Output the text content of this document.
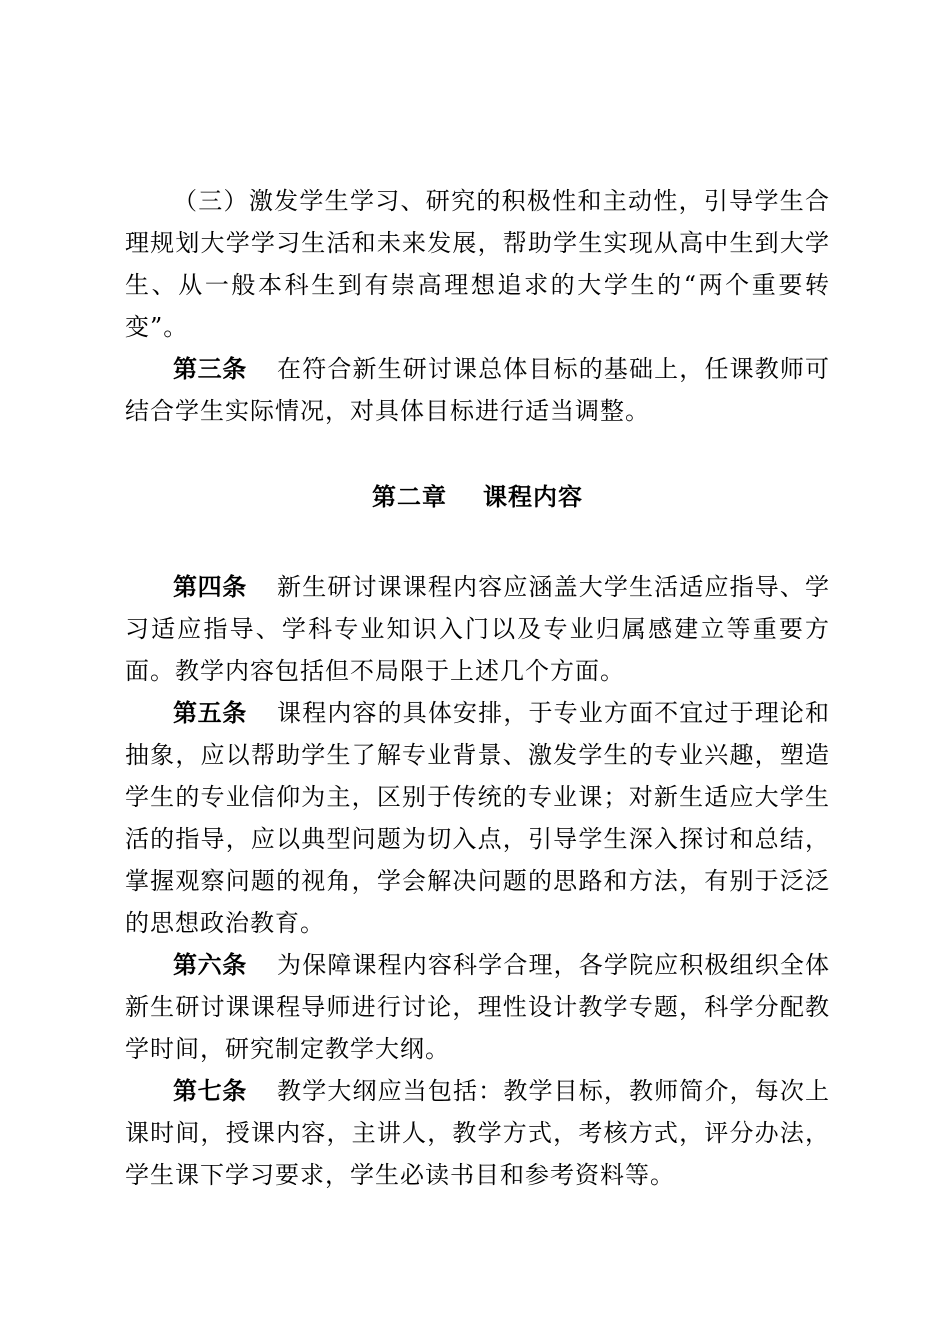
（三）激发学生学习、研究的积极性和主动性，引导学生合理规划大学学习生活和未来发展，帮助学生实现从高中生到大学生、从一般本科生到有崇高理想追求的大学生的“两个重要转变”。

第三条 在符合新生研讨课总体目标的基础上，任课教师可结合学生实际情况，对具体目标进行适当调整。

第二章 课程内容

第四条 新生研讨课课程内容应涵盖大学生活适应指导、学习适应指导、学科专业知识入门以及专业归属感建立等重要方面。教学内容包括但不局限于上述几个方面。

第五条 课程内容的具体安排，于专业方面不宜过于理论和抽象，应以帮助学生了解专业背景、激发学生的专业兴趣，塑造学生的专业信仰为主，区别于传统的专业课；对新生适应大学生活的指导，应以典型问题为切入点，引导学生深入探讨和总结，掌握观察问题的视角，学会解决问题的思路和方法，有别于泛泛的思想政治教育。

第六条 为保障课程内容科学合理，各学院应积极组织全体新生研讨课课程导师进行讨论，理性设计教学专题，科学分配教学时间，研究制定教学大纲。

第七条 教学大纲应当包括：教学目标，教师简介，每次上课时间，授课内容，主讲人，教学方式，考核方式，评分办法，学生课下学习要求，学生必读书目和参考资料等。
